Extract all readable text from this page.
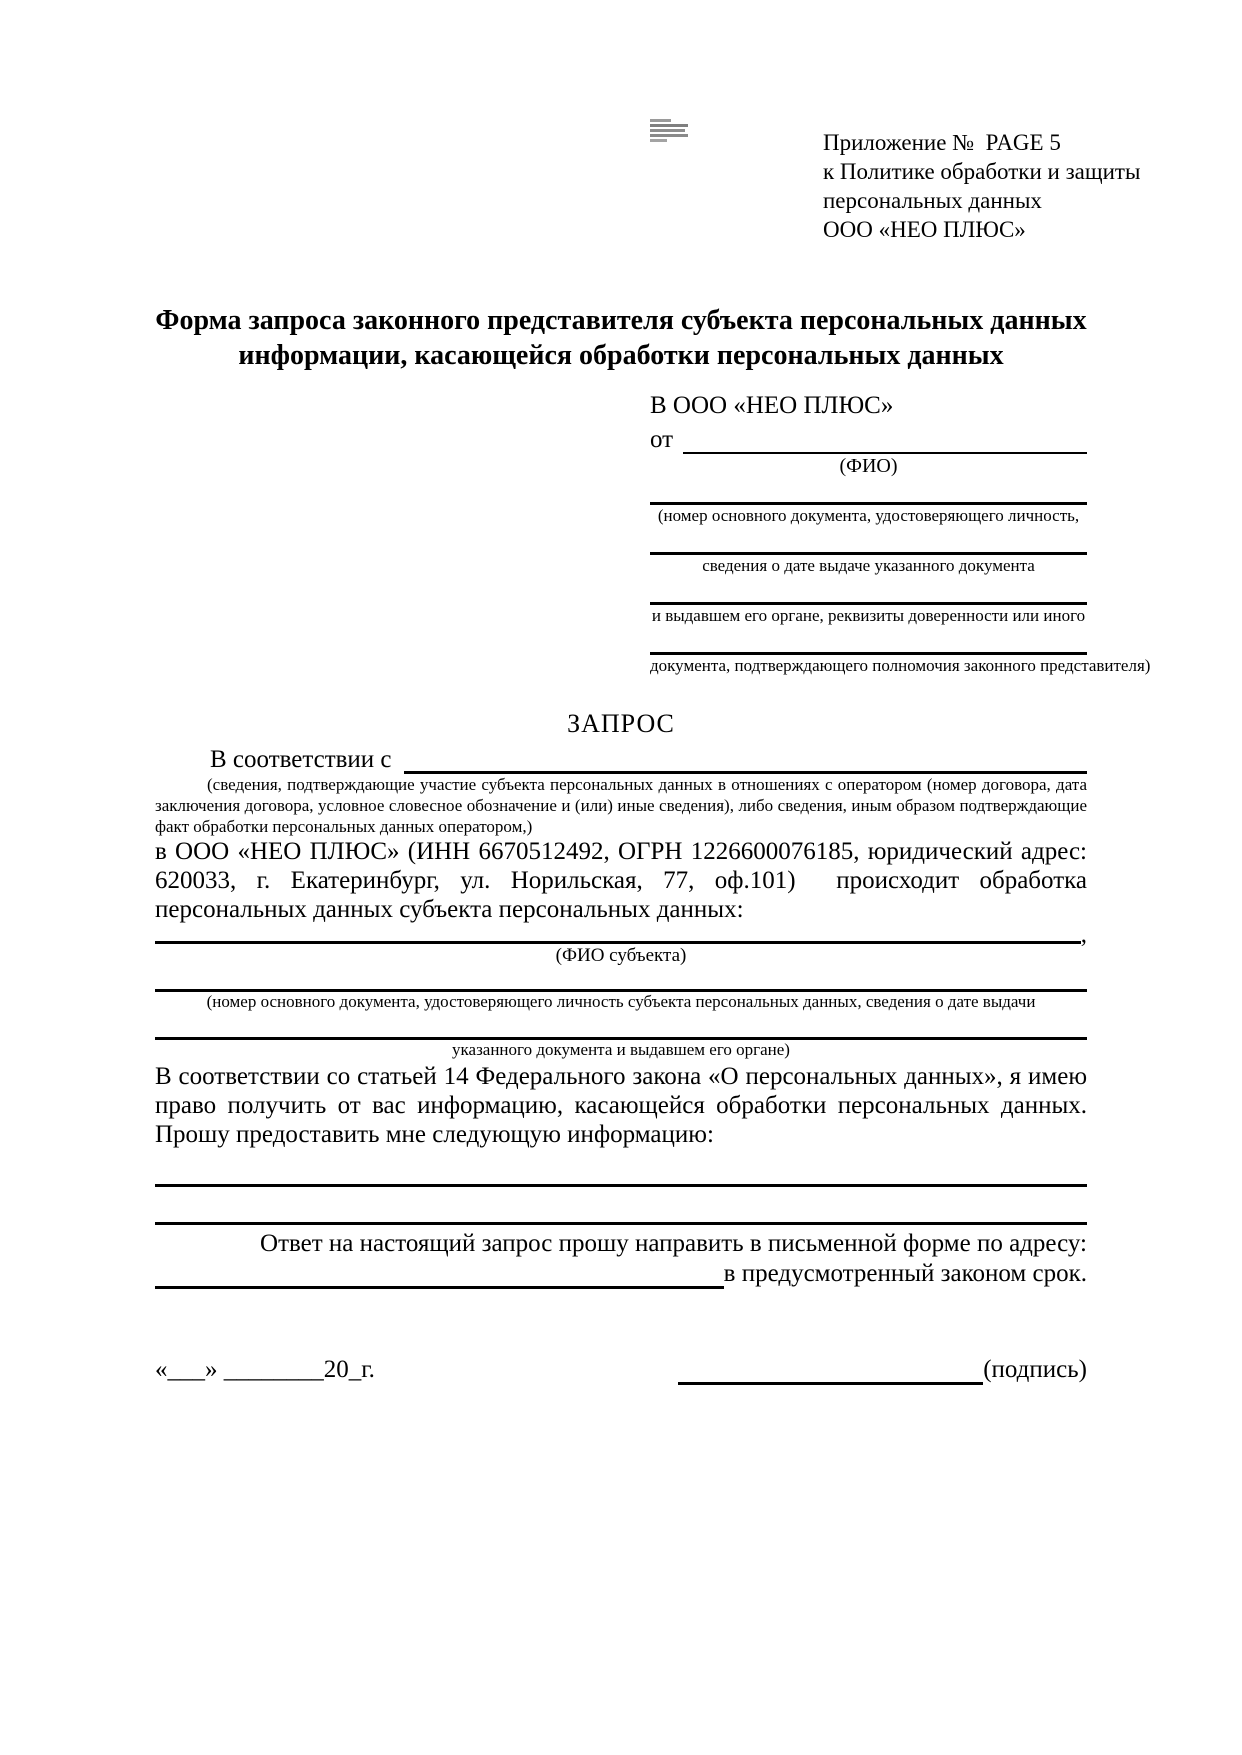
Приложение №  PAGE 5
к Политике обработки и защиты
персональных данных
ООО «НЕО ПЛЮС»
Форма запроса законного представителя субъекта персональных данных
информации, касающейся обработки персональных данных
В ООО «НЕО ПЛЮС»
от
(ФИО)
(номер основного документа, удостоверяющего личность,
сведения о дате выдаче указанного документа
и выдавшем его органе, реквизиты доверенности или иного
документа, подтверждающего полномочия законного представителя)
ЗАПРОС
В соответствии с

(сведения, подтверждающие участие субъекта персональных данных в отношениях с оператором (номер договора, дата заключения договора, условное словесное обозначение и (или) иные сведения), либо сведения, иным образом подтверждающие факт обработки персональных данных оператором,)

в ООО «НЕО ПЛЮС» (ИНН 6670512492, ОГРН 1226600076185, юридический адрес: 620033, г. Екатеринбург, ул. Норильская, 77, оф.101)  происходит обработка персональных данных субъекта персональных данных:

,
(ФИО субъекта)
(номер основного документа, удостоверяющего личность субъекта персональных данных, сведения о дате выдачи
указанного документа и выдавшем его органе)

В соответствии со статьей 14 Федерального закона «О персональных данных», я имею право получить от вас информацию, касающейся обработки персональных данных. Прошу предоставить мне следующую информацию:

Ответ на настоящий запрос прошу направить в письменной форме по адресу:

в предусмотренный законом срок.
«___» ________20_г.	(подпись)
